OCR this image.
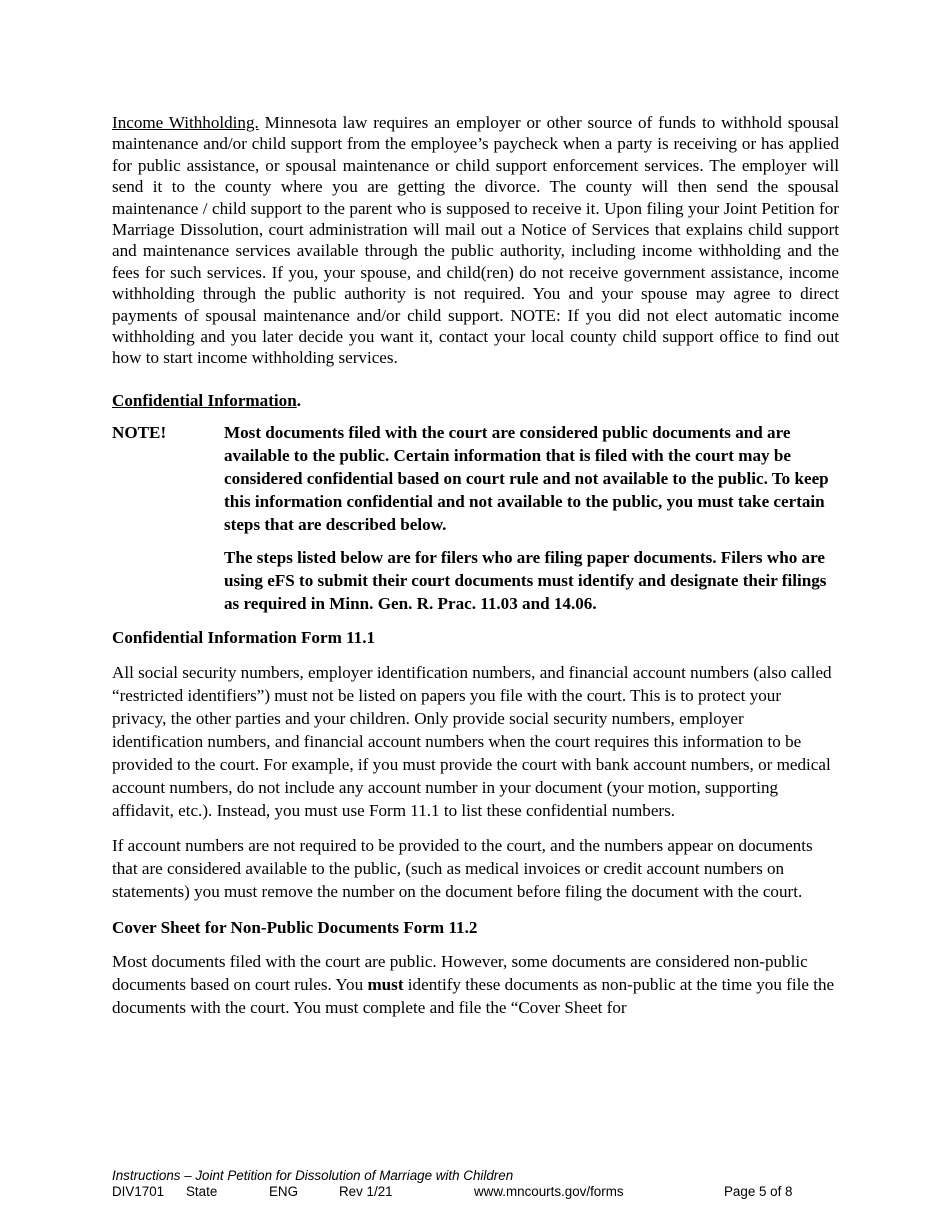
Income Withholding. Minnesota law requires an employer or other source of funds to withhold spousal maintenance and/or child support from the employee’s paycheck when a party is receiving or has applied for public assistance, or spousal maintenance or child support enforcement services. The employer will send it to the county where you are getting the divorce. The county will then send the spousal maintenance / child support to the parent who is supposed to receive it. Upon filing your Joint Petition for Marriage Dissolution, court administration will mail out a Notice of Services that explains child support and maintenance services available through the public authority, including income withholding and the fees for such services. If you, your spouse, and child(ren) do not receive government assistance, income withholding through the public authority is not required. You and your spouse may agree to direct payments of spousal maintenance and/or child support. NOTE: If you did not elect automatic income withholding and you later decide you want it, contact your local county child support office to find out how to start income withholding services.

Confidential Information.

NOTE!	Most documents filed with the court are considered public documents and are available to the public. Certain information that is filed with the court may be considered confidential based on court rule and not available to the public. To keep this information confidential and not available to the public, you must take certain steps that are described below.

The steps listed below are for filers who are filing paper documents. Filers who are using eFS to submit their court documents must identify and designate their filings as required in Minn. Gen. R. Prac. 11.03 and 14.06.

Confidential Information Form 11.1

All social security numbers, employer identification numbers, and financial account numbers (also called “restricted identifiers”) must not be listed on papers you file with the court. This is to protect your privacy, the other parties and your children. Only provide social security numbers, employer identification numbers, and financial account numbers when the court requires this information to be provided to the court. For example, if you must provide the court with bank account numbers, or medical account numbers, do not include any account number in your document (your motion, supporting affidavit, etc.). Instead, you must use Form 11.1 to list these confidential numbers.

If account numbers are not required to be provided to the court, and the numbers appear on documents that are considered available to the public, (such as medical invoices or credit account numbers on statements) you must remove the number on the document before filing the document with the court.

Cover Sheet for Non-Public Documents Form 11.2

Most documents filed with the court are public. However, some documents are considered non-public documents based on court rules. You must identify these documents as non-public at the time you file the documents with the court. You must complete and file the “Cover Sheet for

Instructions – Joint Petition for Dissolution of Marriage with Children
DIV1701 State	ENG	Rev 1/21	www.mncourts.gov/forms	Page 5 of 8
